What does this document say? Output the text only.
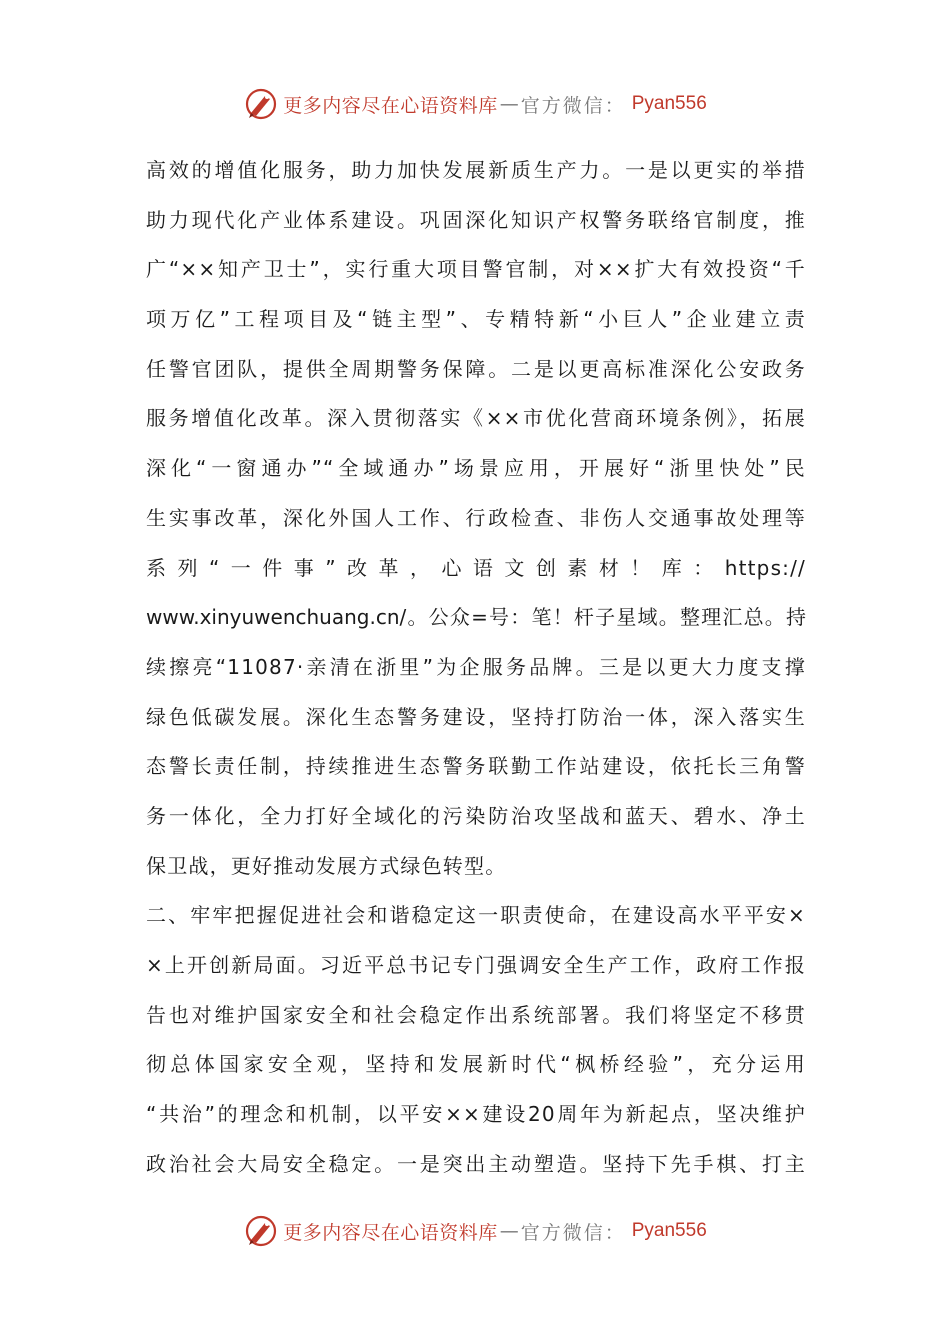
更多内容尽在心语资料库 — 官方微信： Pyan556
高效的增值化服务，助力加快发展新质生产力。一是以更实的举措
助力现代化产业体系建设。巩固深化知识产权警务联络官制度，推
广“××知产卫士”，实行重大项目警官制，对××扩大有效投资“千
项万亿”工程项目及“链主型”、专精特新“小巨人”企业建立责
任警官团队，提供全周期警务保障。二是以更高标准深化公安政务
服务增值化改革。深入贯彻落实《××市优化营商环境条例》，拓展
深化“一窗通办”“全域通办”场景应用，开展好“浙里快处”民
生实事改革，深化外国人工作、行政检查、非伤人交通事故处理等
系列“一件事”改革，心语文创素材！库：https://
www.xinyuwenchuang.cn/。公众=号：笔！杆子星域。整理汇总。持
续擦亮“11087·亲清在浙里”为企服务品牌。三是以更大力度支撑
绿色低碳发展。深化生态警务建设，坚持打防治一体，深入落实生
态警长责任制，持续推进生态警务联勤工作站建设，依托长三角警
务一体化，全力打好全域化的污染防治攻坚战和蓝天、碧水、净土
保卫战，更好推动发展方式绿色转型。
二、牢牢把握促进社会和谐稳定这一职责使命，在建设高水平平安×
×上开创新局面。习近平总书记专门强调安全生产工作，政府工作报
告也对维护国家安全和社会稳定作出系统部署。我们将坚定不移贯
彻总体国家安全观，坚持和发展新时代“枫桥经验”，充分运用
“共治”的理念和机制，以平安××建设20周年为新起点，坚决维护
政治社会大局安全稳定。一是突出主动塑造。坚持下先手棋、打主
更多内容尽在心语资料库 — 官方微信： Pyan556
